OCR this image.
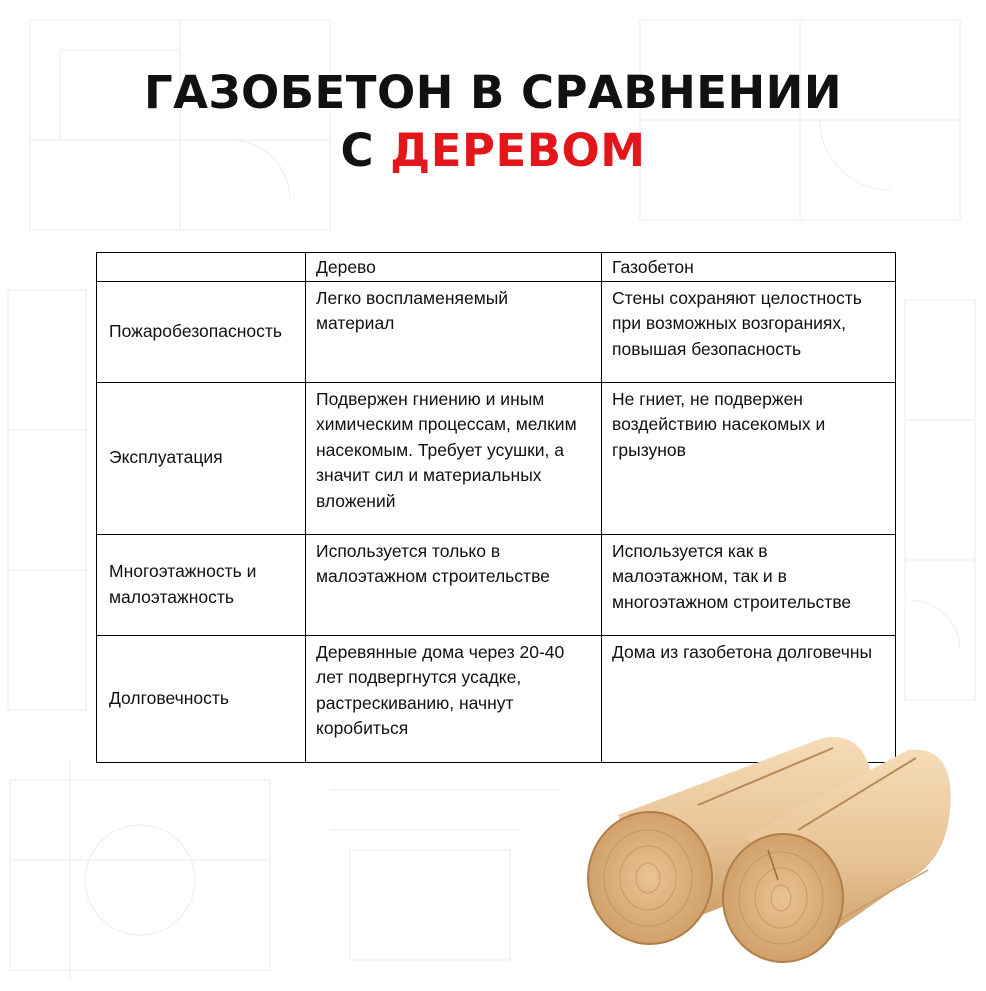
ГАЗОБЕТОН В СРАВНЕНИИ
С ДЕРЕВОМ
	Дерево	Газобетон
Пожаробезопасность	Легко воспламеняемый материал	Стены сохраняют целостность при возможных возгораниях, повышая безопасность
Эксплуатация	Подвержен гниению и иным химическим процессам, мелким насекомым. Требует усушки, а значит сил и материальных вложений	Не гниет, не подвержен воздействию насекомых и грызунов
Многоэтажность и малоэтажность	Используется только в малоэтажном строительстве	Используется как в малоэтажном, так и в многоэтажном строительстве
Долговечность	Деревянные дома через 20-40 лет подвергнутся усадке, растрескиванию, начнут коробиться	Дома из газобетона долговечны
